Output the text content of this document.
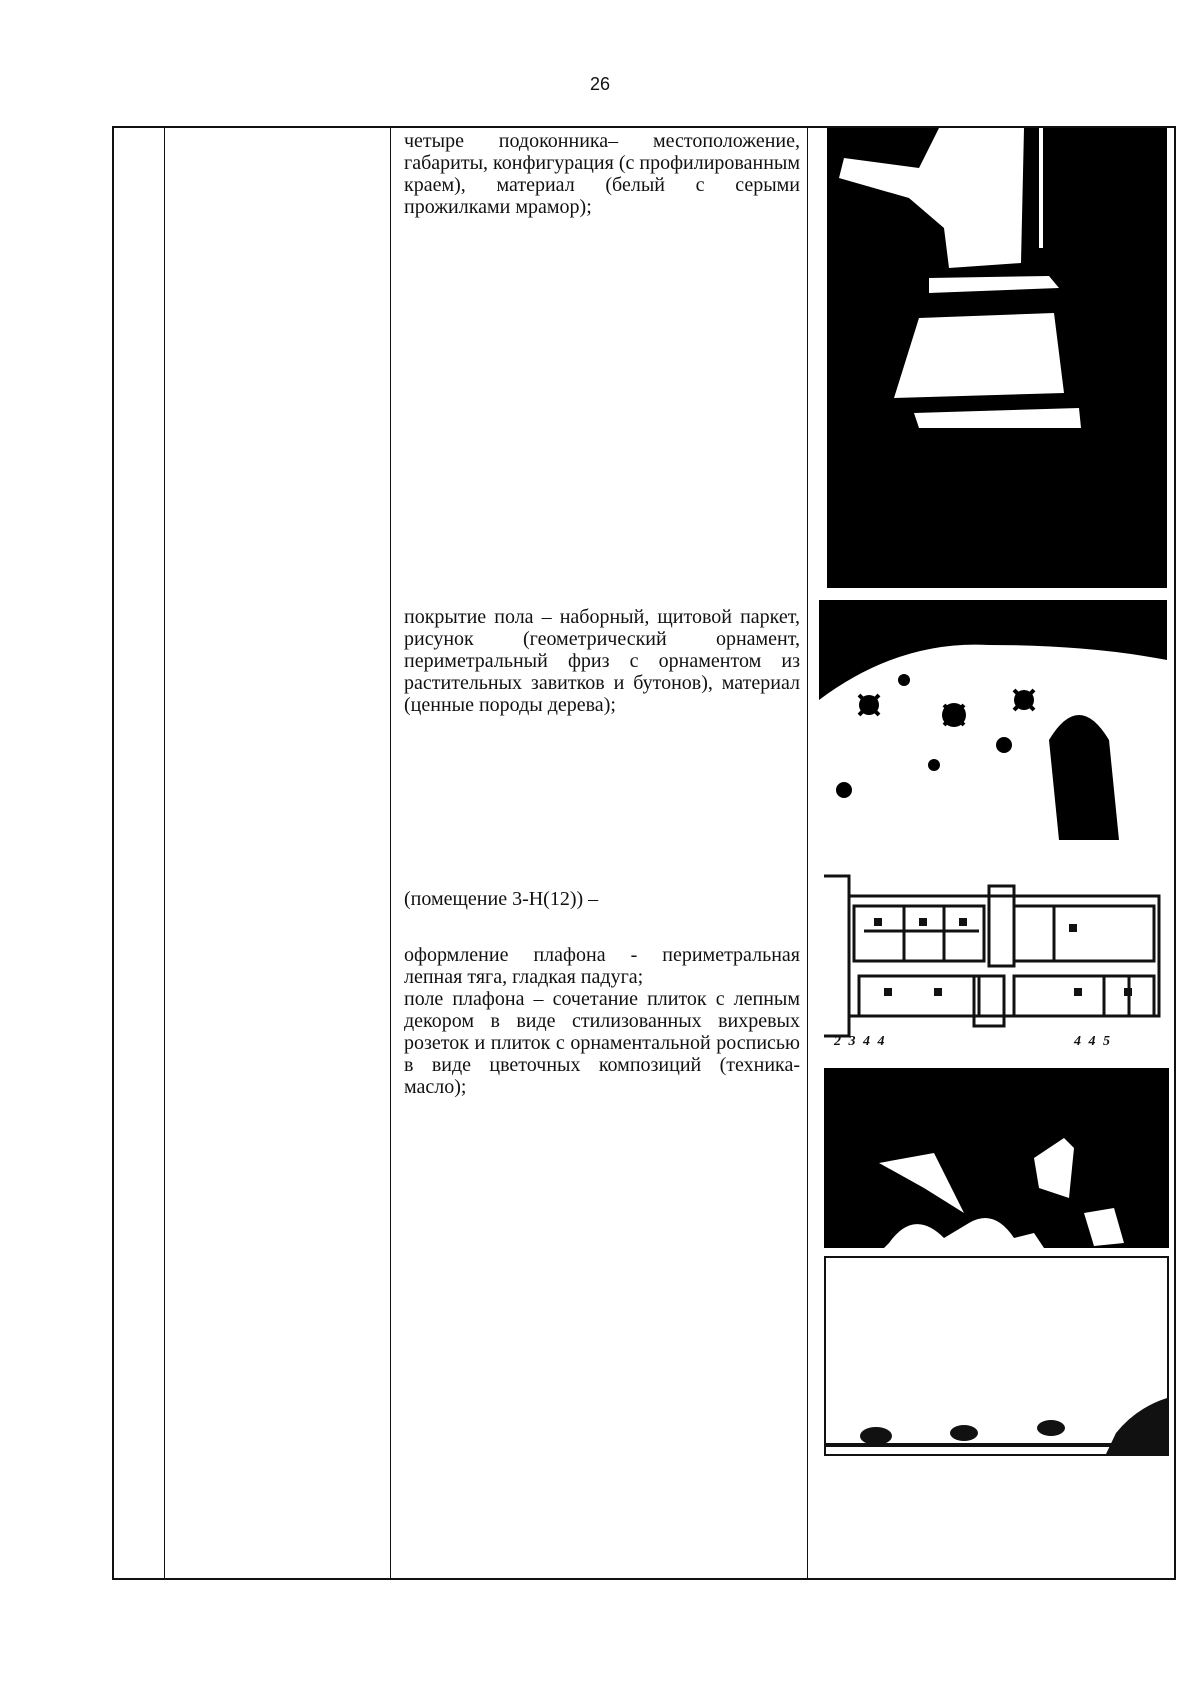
26

четыре подоконника– местоположение, габариты, конфигурация (с профилированным краем), материал (белый с серыми прожилками мрамор);

покрытие пола – наборный, щитовой паркет, рисунок (геометрический орнамент, периметральный фриз с орнаментом из растительных завитков и бутонов), материал (ценные породы дерева);

(помещение 3-Н(12)) –

оформление плафона - периметральная лепная тяга, гладкая падуга;

поле плафона – сочетание плиток с лепным декором в виде стилизованных вихревых розеток и плиток с орнаментальной росписью в виде цветочных композиций (техника-масло);

2 3 4 4	4 4 5
